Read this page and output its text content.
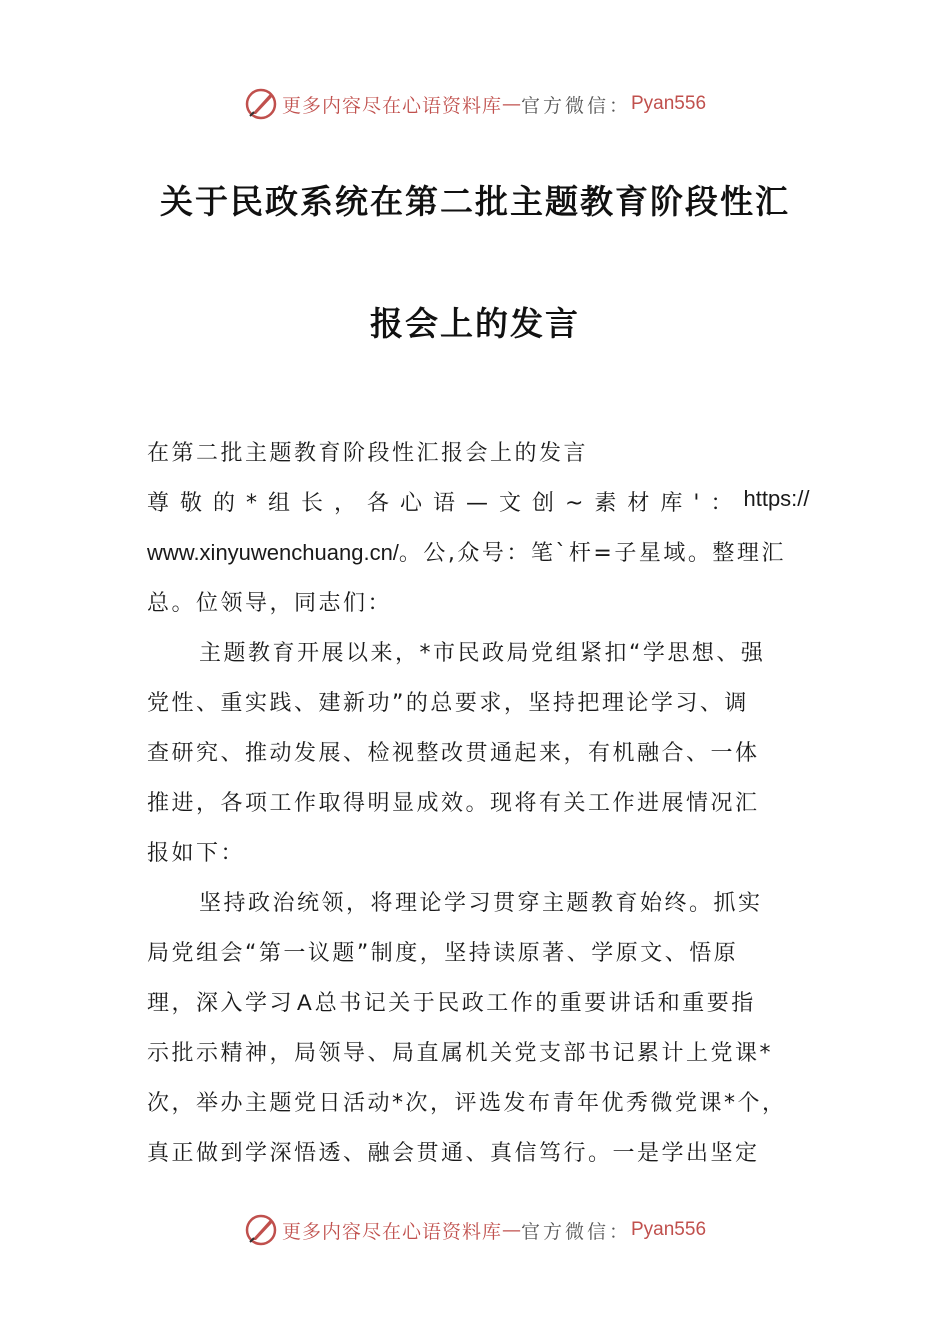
更多内容尽在心语资料库 — 官方微信： Pyan556
关于民政系统在第二批主题教育阶段性汇
报会上的发言
在第二批主题教育阶段性汇报会上的发言
尊敬的*组长，各心语—文创~素材库'： https://
www.xinyuwenchuang.cn/。公,众号：笔`杆=子星域。整理汇
总。位领导，同志们：
主题教育开展以来，*市民政局党组紧扣“学思想、强
党性、重实践、建新功”的总要求，坚持把理论学习、调
查研究、推动发展、检视整改贯通起来，有机融合、一体
推进，各项工作取得明显成效。现将有关工作进展情况汇
报如下：
坚持政治统领，将理论学习贯穿主题教育始终。抓实
局党组会“第一议题”制度，坚持读原著、学原文、悟原
理，深入学习 A 总书记关于民政工作的重要讲话和重要指
示批示精神，局领导、局直属机关党支部书记累计上党课*
次，举办主题党日活动*次，评选发布青年优秀微党课*个，
真正做到学深悟透、融会贯通、真信笃行。一是学出坚定
更多内容尽在心语资料库 — 官方微信： Pyan556
